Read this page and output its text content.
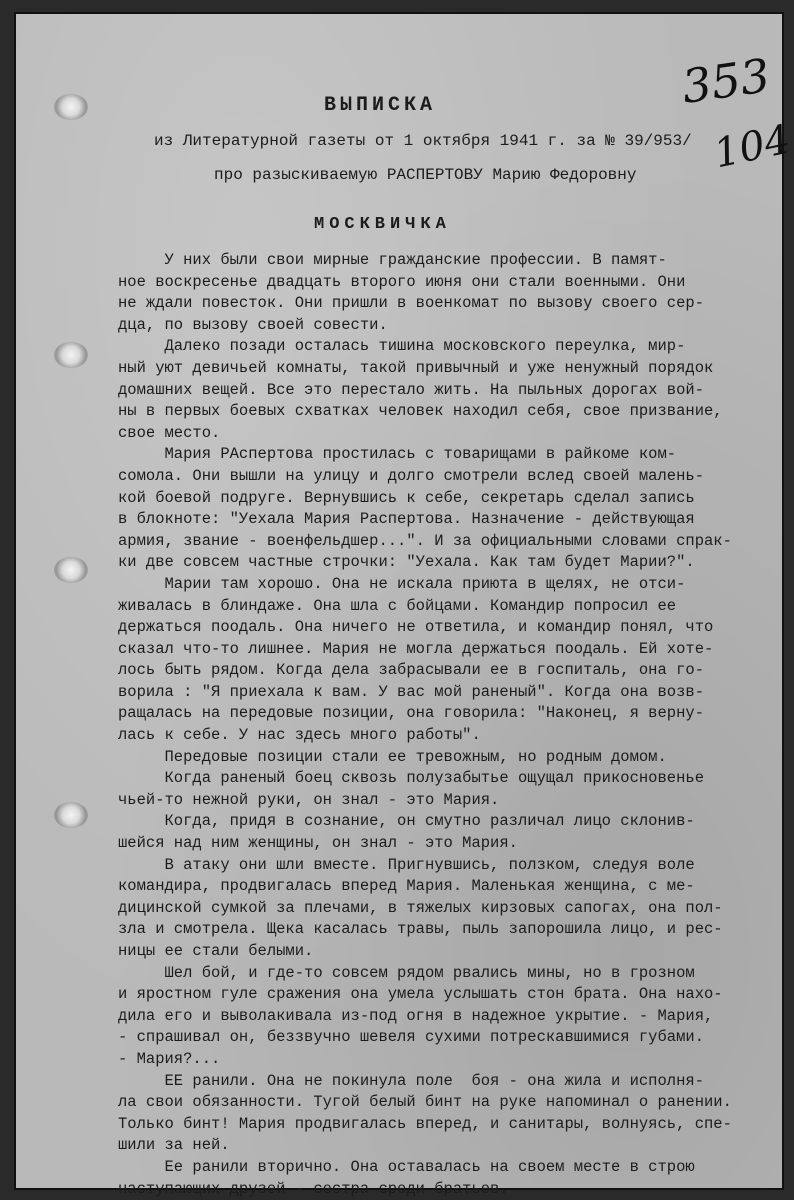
353
104
ВЫПИСКА
из Литературной газеты от 1 октября 1941 г. за № 39/953/
про разыскиваемую РАСПЕРТОВУ Марию Федоровну
МОСКВИЧКА

У них были свои мирные гражданские профессии. В памят-

ное воскресенье двадцать второго июня они стали военными. Они

не ждали повесток. Они пришли в военкомат по вызову своего сер-

дца, по вызову своей совести.

Далеко позади осталась тишина московского переулка, мир-

ный уют девичьей комнаты, такой привычный и уже ненужный порядок

домашних вещей. Все это перестало жить. На пыльных дорогах вой-

ны в первых боевых схватках человек находил себя, свое призвание,

свое место.

Мария РАспертова простилась с товарищами в райкоме ком-

сомола. Они вышли на улицу и долго смотрели вслед своей малень-

кой боевой подруге. Вернувшись к себе, секретарь сделал запись

в блокноте: "Уехала Мария Распертова. Назначение - действующая

армия, звание - военфельдшер...". И за официальными словами спрак-

ки две совсем частные строчки: "Уехала. Как там будет Марии?".

Марии там хорошо. Она не искала приюта в щелях, не отси-

живалась в блиндаже. Она шла с бойцами. Командир попросил ее

держаться поодаль. Она ничего не ответила, и командир понял, что

сказал что-то лишнее. Мария не могла держаться поодаль. Ей хоте-

лось быть рядом. Когда дела забрасывали ее в госпиталь, она го-

ворила : "Я приехала к вам. У вас мой раненый". Когда она возв-

ращалась на передовые позиции, она говорила: "Наконец, я верну-

лась к себе. У нас здесь много работы".

Передовые позиции стали ее тревожным, но родным домом.

Когда раненый боец сквозь полузабытье ощущал прикосновенье

чьей-то нежной руки, он знал - это Мария.

Когда, придя в сознание, он смутно различал лицо склонив-

шейся над ним женщины, он знал - это Мария.

В атаку они шли вместе. Пригнувшись, ползком, следуя воле

командира, продвигалась вперед Мария. Маленькая женщина, с ме-

дицинской сумкой за плечами, в тяжелых кирзовых сапогах, она пол-

зла и смотрела. Щека касалась травы, пыль запорошила лицо, и рес-

ницы ее стали белыми.

Шел бой, и где-то совсем рядом рвались мины, но в грозном

и яростном гуле сражения она умела услышать стон брата. Она нахо-

дила его и выволакивала из-под огня в надежное укрытие. - Мария,

- спрашивал он, беззвучно шевеля сухими потрескавшимися губами.

- Мария?...

ЕЕ ранили. Она не покинула поле  боя - она жила и исполня-

ла свои обязанности. Тугой белый бинт на руке напоминал о ранении.

Только бинт! Мария продвигалась вперед, и санитары, волнуясь, спе-

шили за ней.

Ее ранили вторично. Она оставалась на своем месте в строю

наступающих друзей - сестра среди братьев.
